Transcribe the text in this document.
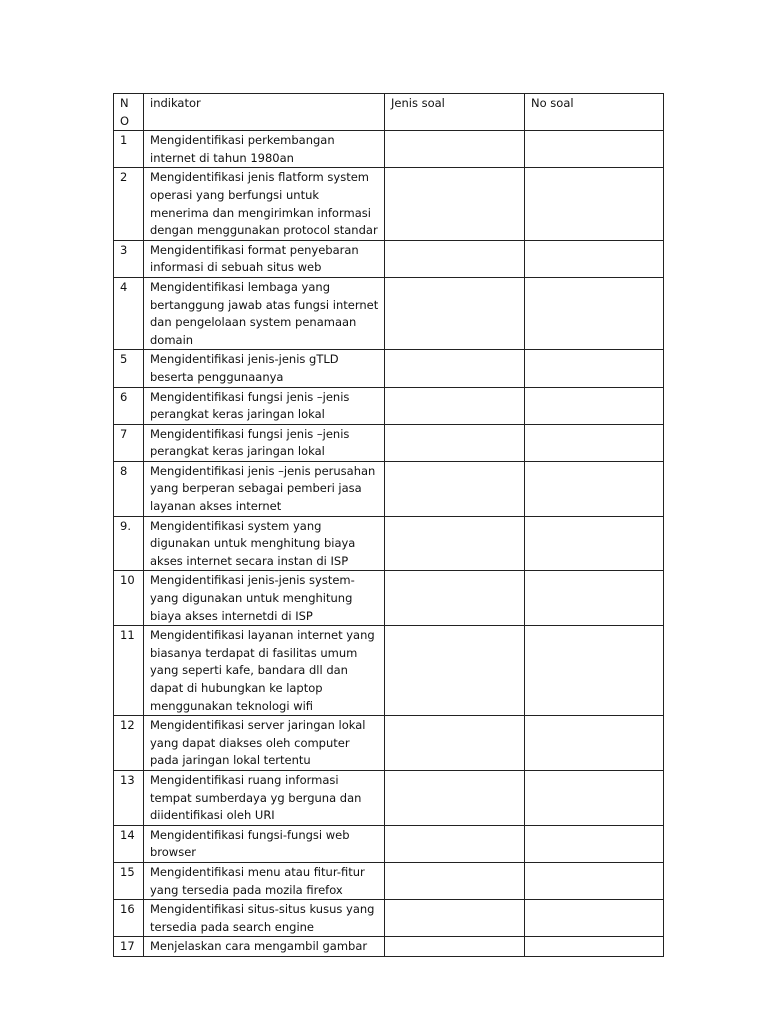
N O	indikator	Jenis soal	No soal
1	Mengidentifikasi perkembangan internet di tahun 1980an		
2	Mengidentifikasi jenis flatform system operasi yang berfungsi untuk menerima dan mengirimkan informasi dengan menggunakan protocol standar		
3	Mengidentifikasi format penyebaran informasi di sebuah situs web		
4	Mengidentifikasi lembaga yang bertanggung jawab atas fungsi internet dan pengelolaan system penamaan domain		
5	Mengidentifikasi jenis-jenis gTLD beserta penggunaanya		
6	Mengidentifikasi fungsi jenis –jenis perangkat keras jaringan lokal		
7	Mengidentifikasi fungsi jenis –jenis perangkat keras jaringan lokal		
8	Mengidentifikasi jenis –jenis perusahan yang berperan sebagai pemberi jasa layanan akses internet		
9.	Mengidentifikasi system yang digunakan untuk menghitung biaya akses internet secara instan di ISP		
10	Mengidentifikasi jenis-jenis system-yang digunakan untuk menghitung biaya akses internetdi di ISP		
11	Mengidentifikasi layanan internet yang biasanya terdapat di fasilitas umum yang seperti kafe, bandara dll dan dapat di hubungkan ke laptop menggunakan teknologi wifi		
12	Mengidentifikasi server jaringan lokal yang dapat diakses oleh computer pada jaringan lokal tertentu		
13	Mengidentifikasi ruang informasi tempat sumberdaya yg berguna dan diidentifikasi oleh URI		
14	Mengidentifikasi fungsi-fungsi web browser		
15	Mengidentifikasi menu atau fitur-fitur yang tersedia pada mozila firefox		
16	Mengidentifikasi situs-situs kusus yang tersedia pada search engine		
17	Menjelaskan cara mengambil gambar		
